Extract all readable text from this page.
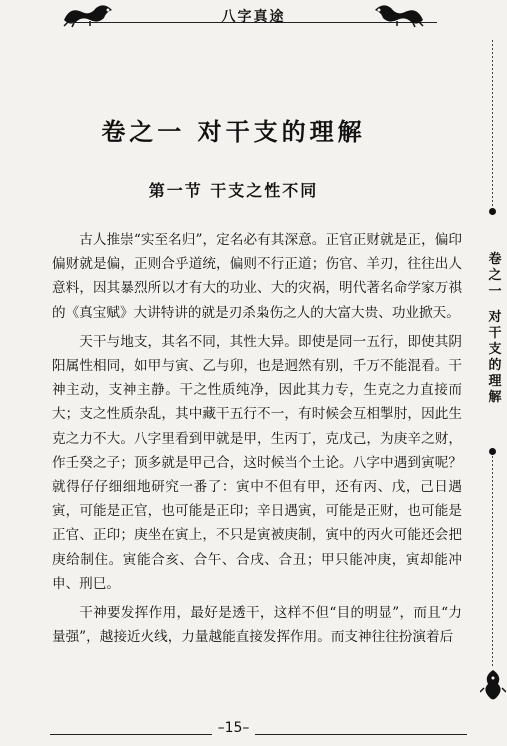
八字真途
卷之一 对干支的理解
第一节 干支之性不同

古人推崇“实至名归”，定名必有其深意。正官正财就是正，偏印偏财就是偏，正则合乎道统，偏则不行正道；伤官、羊刃，往往出人意料，因其暴烈所以才有大的功业、大的灾祸，明代著名命学家万祺的《真宝赋》大讲特讲的就是刃杀枭伤之人的大富大贵、功业掀天。

天干与地支，其名不同，其性大异。即使是同一五行，即使其阴阳属性相同，如甲与寅、乙与卯，也是迥然有别，千万不能混看。干神主动，支神主静。干之性质纯净，因此其力专，生克之力直接而大；支之性质杂乱，其中藏干五行不一，有时候会互相掣肘，因此生克之力不大。八字里看到甲就是甲，生丙丁，克戊己，为庚辛之财，作壬癸之子；顶多就是甲己合，这时候当个土论。八字中遇到寅呢？就得仔仔细细地研究一番了：寅中不但有甲，还有丙、戊，己日遇寅，可能是正官，也可能是正印；辛日遇寅，可能是正财，也可能是正官、正印；庚坐在寅上，不只是寅被庚制，寅中的丙火可能还会把庚给制住。寅能合亥、合午、合戌、合丑；甲只能冲庚，寅却能冲申、刑巳。

干神要发挥作用，最好是透干，这样不但“目的明显”，而且“力量强”，越接近火线，力量越能直接发挥作用。而支神往往扮演着后

卷
之
一
对
干
支
的
理
解
–15–
